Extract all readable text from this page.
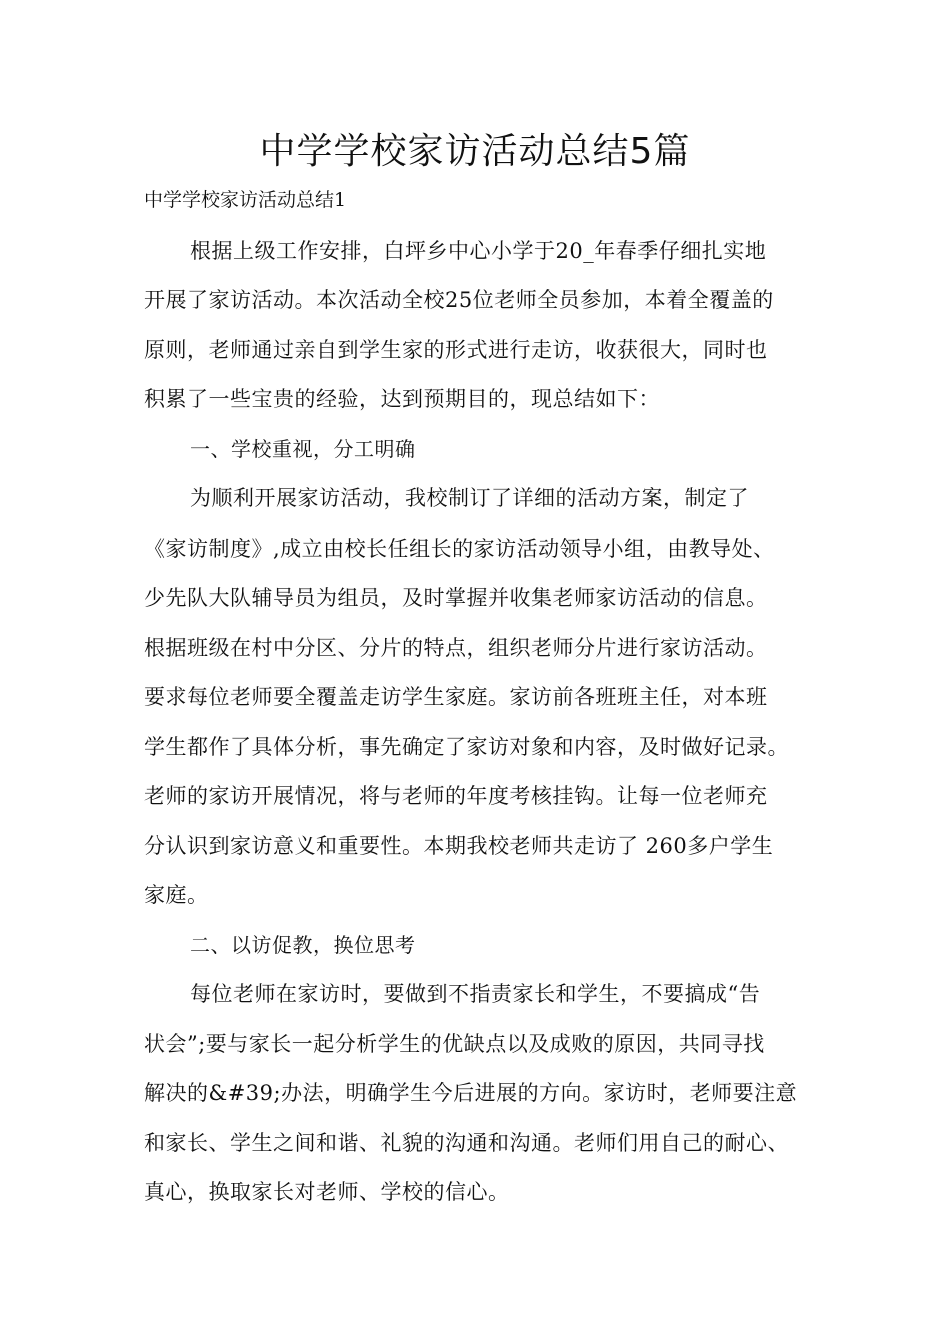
中学学校家访活动总结5篇
中学学校家访活动总结1
根据上级工作安排，白坪乡中心小学于20_年春季仔细扎实地
开展了家访活动。本次活动全校25位老师全员参加，本着全覆盖的
原则，老师通过亲自到学生家的形式进行走访，收获很大，同时也
积累了一些宝贵的经验，达到预期目的，现总结如下：
一、学校重视，分工明确
为顺利开展家访活动，我校制订了详细的活动方案，制定了
《家访制度》,成立由校长任组长的家访活动领导小组，由教导处、
少先队大队辅导员为组员，及时掌握并收集老师家访活动的信息。
根据班级在村中分区、分片的特点，组织老师分片进行家访活动。
要求每位老师要全覆盖走访学生家庭。家访前各班班主任，对本班
学生都作了具体分析，事先确定了家访对象和内容，及时做好记录。
老师的家访开展情况，将与老师的年度考核挂钩。让每一位老师充
分认识到家访意义和重要性。本期我校老师共走访了 260多户学生
家庭。
二、以访促教，换位思考
每位老师在家访时，要做到不指责家长和学生，不要搞成“告
状会”;要与家长一起分析学生的优缺点以及成败的原因，共同寻找
解决的&#39;办法，明确学生今后进展的方向。家访时，老师要注意
和家长、学生之间和谐、礼貌的沟通和沟通。老师们用自己的耐心、
真心，换取家长对老师、学校的信心。
